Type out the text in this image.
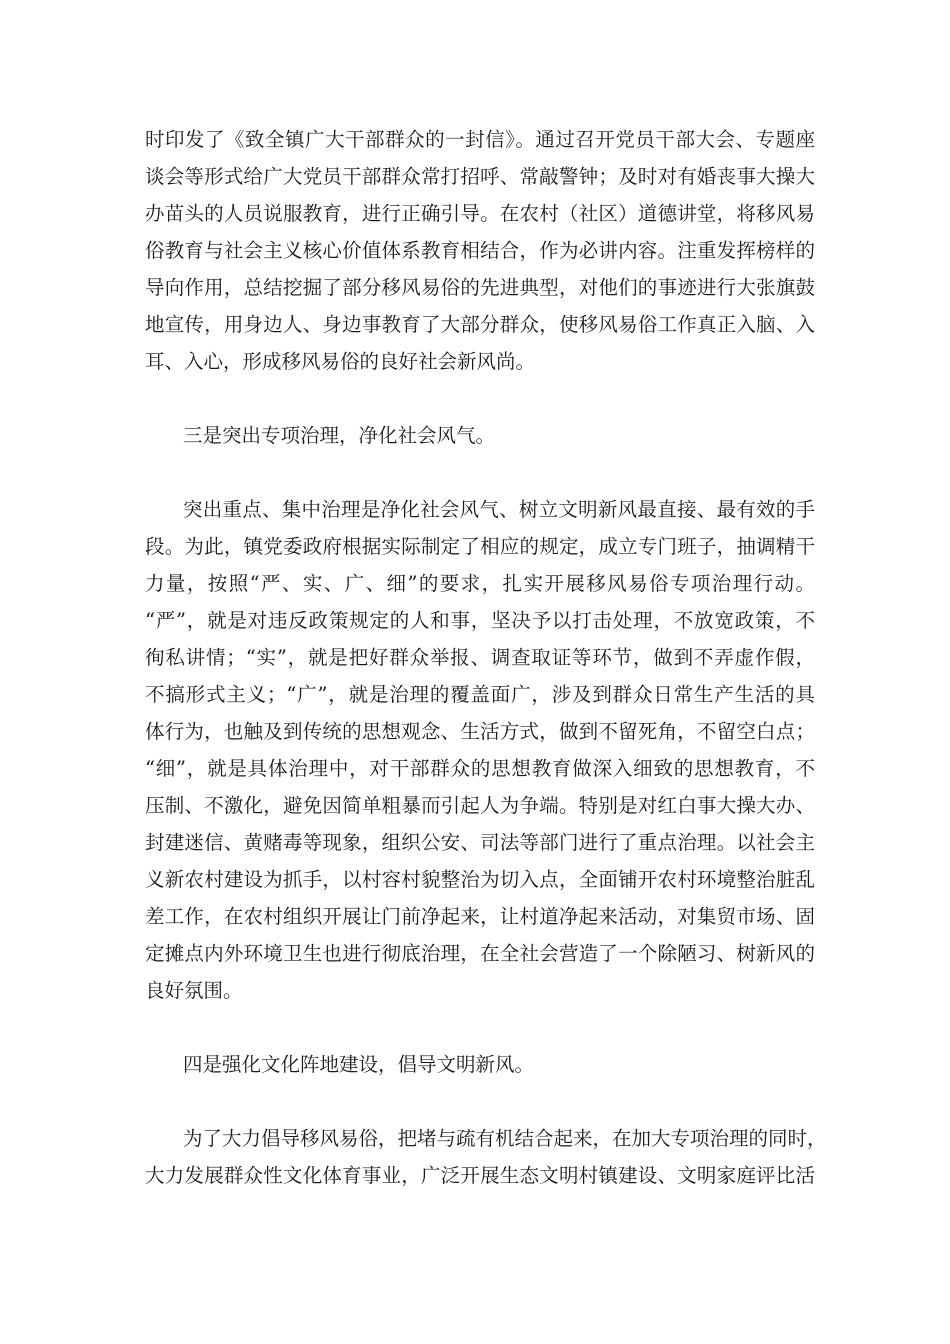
时印发了《致全镇广大干部群众的一封信》。通过召开党员干部大会、专题座
谈会等形式给广大党员干部群众常打招呼、常敲警钟；及时对有婚丧事大操大
办苗头的人员说服教育，进行正确引导。在农村（社区）道德讲堂，将移风易
俗教育与社会主义核心价值体系教育相结合，作为必讲内容。注重发挥榜样的
导向作用，总结挖掘了部分移风易俗的先进典型，对他们的事迹进行大张旗鼓
地宣传，用身边人、身边事教育了大部分群众，使移风易俗工作真正入脑、入
耳、入心，形成移风易俗的良好社会新风尚。
三是突出专项治理，净化社会风气。
突出重点、集中治理是净化社会风气、树立文明新风最直接、最有效的手
段。为此，镇党委政府根据实际制定了相应的规定，成立专门班子，抽调精干
力量，按照“严、实、广、细”的要求，扎实开展移风易俗专项治理行动。
“严”，就是对违反政策规定的人和事，坚决予以打击处理，不放宽政策，不
徇私讲情；“实”，就是把好群众举报、调查取证等环节，做到不弄虚作假，
不搞形式主义；“广”，就是治理的覆盖面广，涉及到群众日常生产生活的具
体行为，也触及到传统的思想观念、生活方式，做到不留死角，不留空白点；
“细”，就是具体治理中，对干部群众的思想教育做深入细致的思想教育，不
压制、不激化，避免因简单粗暴而引起人为争端。特别是对红白事大操大办、
封建迷信、黄赌毒等现象，组织公安、司法等部门进行了重点治理。以社会主
义新农村建设为抓手，以村容村貌整治为切入点，全面铺开农村环境整治脏乱
差工作，在农村组织开展让门前净起来，让村道净起来活动，对集贸市场、固
定摊点内外环境卫生也进行彻底治理，在全社会营造了一个除陋习、树新风的
良好氛围。
四是强化文化阵地建设，倡导文明新风。
为了大力倡导移风易俗，把堵与疏有机结合起来，在加大专项治理的同时，
大力发展群众性文化体育事业，广泛开展生态文明村镇建设、文明家庭评比活
